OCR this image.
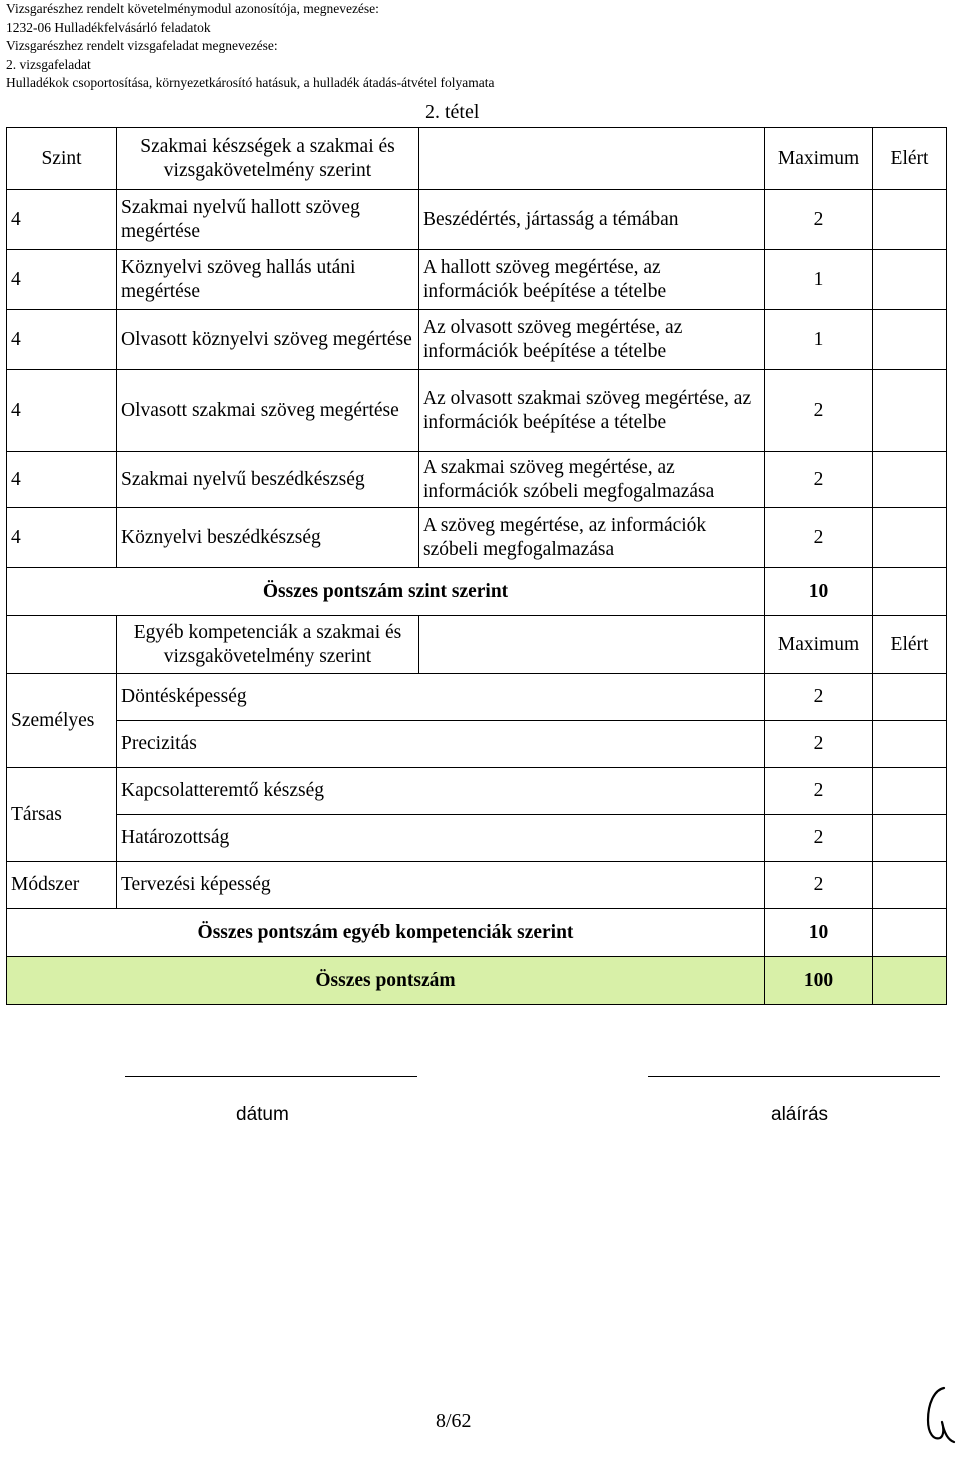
Vizsgarészhez rendelt követelménymodul azonosítója, megnevezése:
1232-06 Hulladékfelvásárló feladatok
Vizsgarészhez rendelt vizsgafeladat megnevezése:
2. vizsgafeladat
Hulladékok csoportosítása, környezetkárosító hatásuk, a hulladék átadás-átvétel folyamata
2. tétel
Szint	Szakmai készségek a szakmai és vizsgakövetelmény szerint		Maximum	Elért
4	Szakmai nyelvű hallott szöveg megértése	Beszédértés, jártasság a témában	2	
4	Köznyelvi szöveg hallás utáni megértése	A hallott szöveg megértése, az információk beépítése a tételbe	1	
4	Olvasott köznyelvi szöveg megértése	Az olvasott szöveg megértése, az információk beépítése a tételbe	1	
4	Olvasott szakmai szöveg megértése	Az olvasott szakmai szöveg megértése, az információk beépítése a tételbe	2	
4	Szakmai nyelvű beszédkészség	A szakmai szöveg megértése, az információk szóbeli megfogalmazása	2	
4	Köznyelvi beszédkészség	A szöveg megértése, az információk szóbeli megfogalmazása	2	
Összes pontszám szint szerint			10	
	Egyéb kompetenciák a szakmai és vizsgakövetelmény szerint		Maximum	Elért
Személyes	Döntésképesség		2	
	Precizitás		2	
Társas	Kapcsolatteremtő készség		2	
	Határozottság		2	
Módszer	Tervezési képesség		2	
Összes pontszám egyéb kompetenciák szerint			10	
Összes pontszám			100	
dátum	aláírás
8/62
